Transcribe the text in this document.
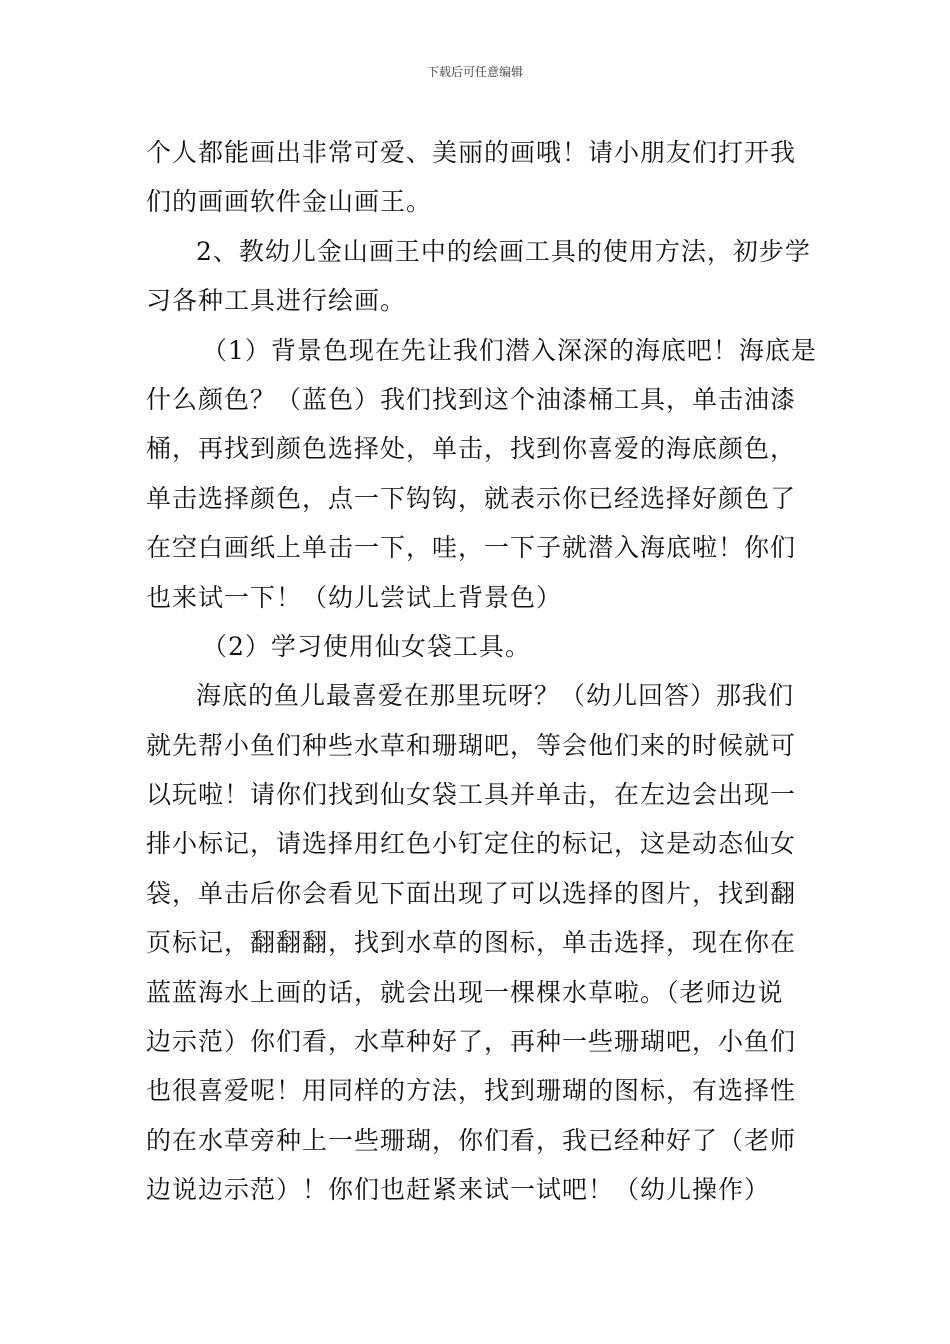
下载后可任意编辑
个人都能画出非常可爱、美丽的画哦！请小朋友们打开我
们的画画软件金山画王。
2、教幼儿金山画王中的绘画工具的使用方法，初步学
习各种工具进行绘画。
（1）背景色现在先让我们潜入深深的海底吧！海底是
什么颜色？（蓝色）我们找到这个油漆桶工具，单击油漆
桶，再找到颜色选择处，单击，找到你喜爱的海底颜色，
单击选择颜色，点一下钩钩，就表示你已经选择好颜色了
在空白画纸上单击一下，哇，一下子就潜入海底啦！你们
也来试一下！（幼儿尝试上背景色）
（2）学习使用仙女袋工具。
海底的鱼儿最喜爱在那里玩呀？（幼儿回答）那我们
就先帮小鱼们种些水草和珊瑚吧，等会他们来的时候就可
以玩啦！请你们找到仙女袋工具并单击，在左边会出现一
排小标记，请选择用红色小钉定住的标记，这是动态仙女
袋，单击后你会看见下面出现了可以选择的图片，找到翻
页标记，翻翻翻，找到水草的图标，单击选择，现在你在
蓝蓝海水上画的话，就会出现一棵棵水草啦。（老师边说
边示范）你们看，水草种好了，再种一些珊瑚吧，小鱼们
也很喜爱呢！用同样的方法，找到珊瑚的图标，有选择性
的在水草旁种上一些珊瑚，你们看，我已经种好了（老师
边说边示范）！你们也赶紧来试一试吧！（幼儿操作）
